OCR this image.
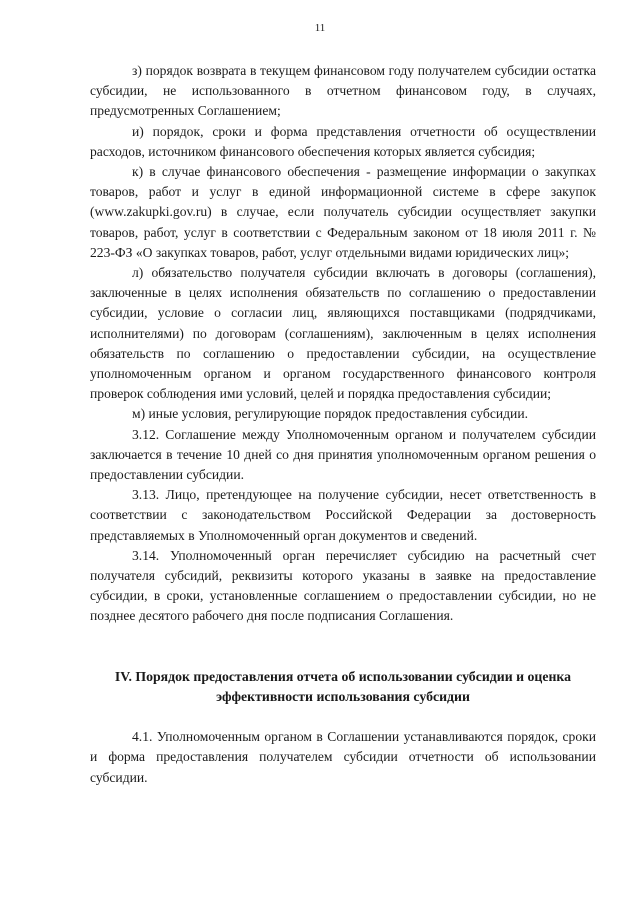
11

з) порядок возврата в текущем финансовом году получателем субсидии остатка субсидии, не использованного в отчетном финансовом году, в случаях, предусмотренных Соглашением;

и) порядок, сроки и форма представления отчетности об осуществлении расходов, источником финансового обеспечения которых является субсидия;

к) в случае финансового обеспечения - размещение информации о закупках товаров, работ и услуг в единой информационной системе в сфере закупок (www.zakupki.gov.ru) в случае, если получатель субсидии осуществляет закупки товаров, работ, услуг в соответствии с Федеральным законом от 18 июля 2011 г. № 223-ФЗ «О закупках товаров, работ, услуг отдельными видами юридических лиц»;

л) обязательство получателя субсидии включать в договоры (соглашения), заключенные в целях исполнения обязательств по соглашению о предоставлении субсидии, условие о согласии лиц, являющихся поставщиками (подрядчиками, исполнителями) по договорам (соглашениям), заключенным в целях исполнения обязательств по соглашению о предоставлении субсидии, на осуществление уполномоченным органом и органом государственного финансового контроля проверок соблюдения ими условий, целей и порядка предоставления субсидии;

м) иные условия, регулирующие порядок предоставления субсидии.

3.12. Соглашение между Уполномоченным органом и получателем субсидии заключается в течение 10 дней со дня принятия уполномоченным органом решения о предоставлении субсидии.

3.13. Лицо, претендующее на получение субсидии, несет ответственность в соответствии с законодательством Российской Федерации за достоверность представляемых в Уполномоченный орган документов и сведений.

3.14. Уполномоченный орган перечисляет субсидию на расчетный счет получателя субсидий, реквизиты которого указаны в заявке на предоставление субсидии, в сроки, установленные соглашением о предоставлении субсидии, но не позднее десятого рабочего дня после подписания Соглашения.

IV. Порядок предоставления отчета об использовании субсидии и оценка эффективности использования субсидии

4.1. Уполномоченным органом в Соглашении устанавливаются порядок, сроки и форма предоставления получателем субсидии отчетности об использовании субсидии.
